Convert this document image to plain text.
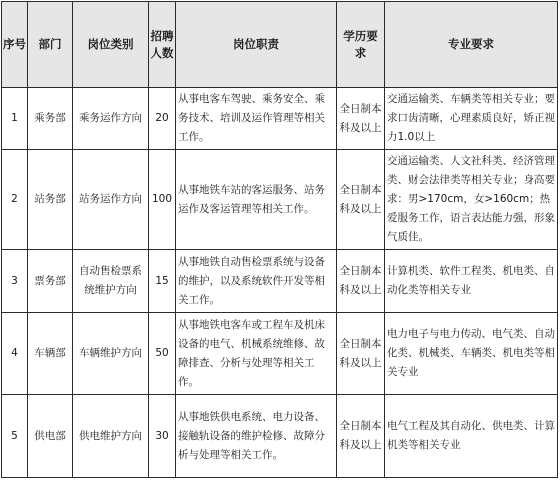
序号	部门	岗位类别	招聘人数	岗位职责	学历要求	专业要求
1	乘务部	乘务运作方向	20	从事电客车驾驶、乘务安全、乘务技术、培训及运作管理等相关工作。	全日制本科及以上	交通运输类、车辆类等相关专业；要求口齿清晰，心理素质良好，矫正视力1.0以上
2	站务部	站务运作方向	100	从事地铁车站的客运服务、站务运作及客运管理等相关工作。	全日制本科及以上	交通运输类、人文社科类、经济管理类、财会法律类等相关专业；身高要求：男>170cm，女>160cm；热爱服务工作，语言表达能力强，形象气质佳。
3	票务部	自动售检票系统维护方向	15	从事地铁自动售检票系统与设备的维护，以及系统软件开发等相关工作。	全日制本科及以上	计算机类、软件工程类、机电类、自动化类等相关专业
4	车辆部	车辆维护方向	50	从事地铁电客车或工程车及机床设备的电气、机械系统维修、故障排查、分析与处理等相关工作。	全日制本科及以上	电力电子与电力传动、电气类、自动化类、机械类、车辆类、机电类等相关专业
5	供电部	供电维护方向	30	从事地铁供电系统、电力设备、接触轨设备的维护检修、故障分析与处理等相关工作。	全日制本科及以上	电气工程及其自动化、供电类、计算机类等相关专业
